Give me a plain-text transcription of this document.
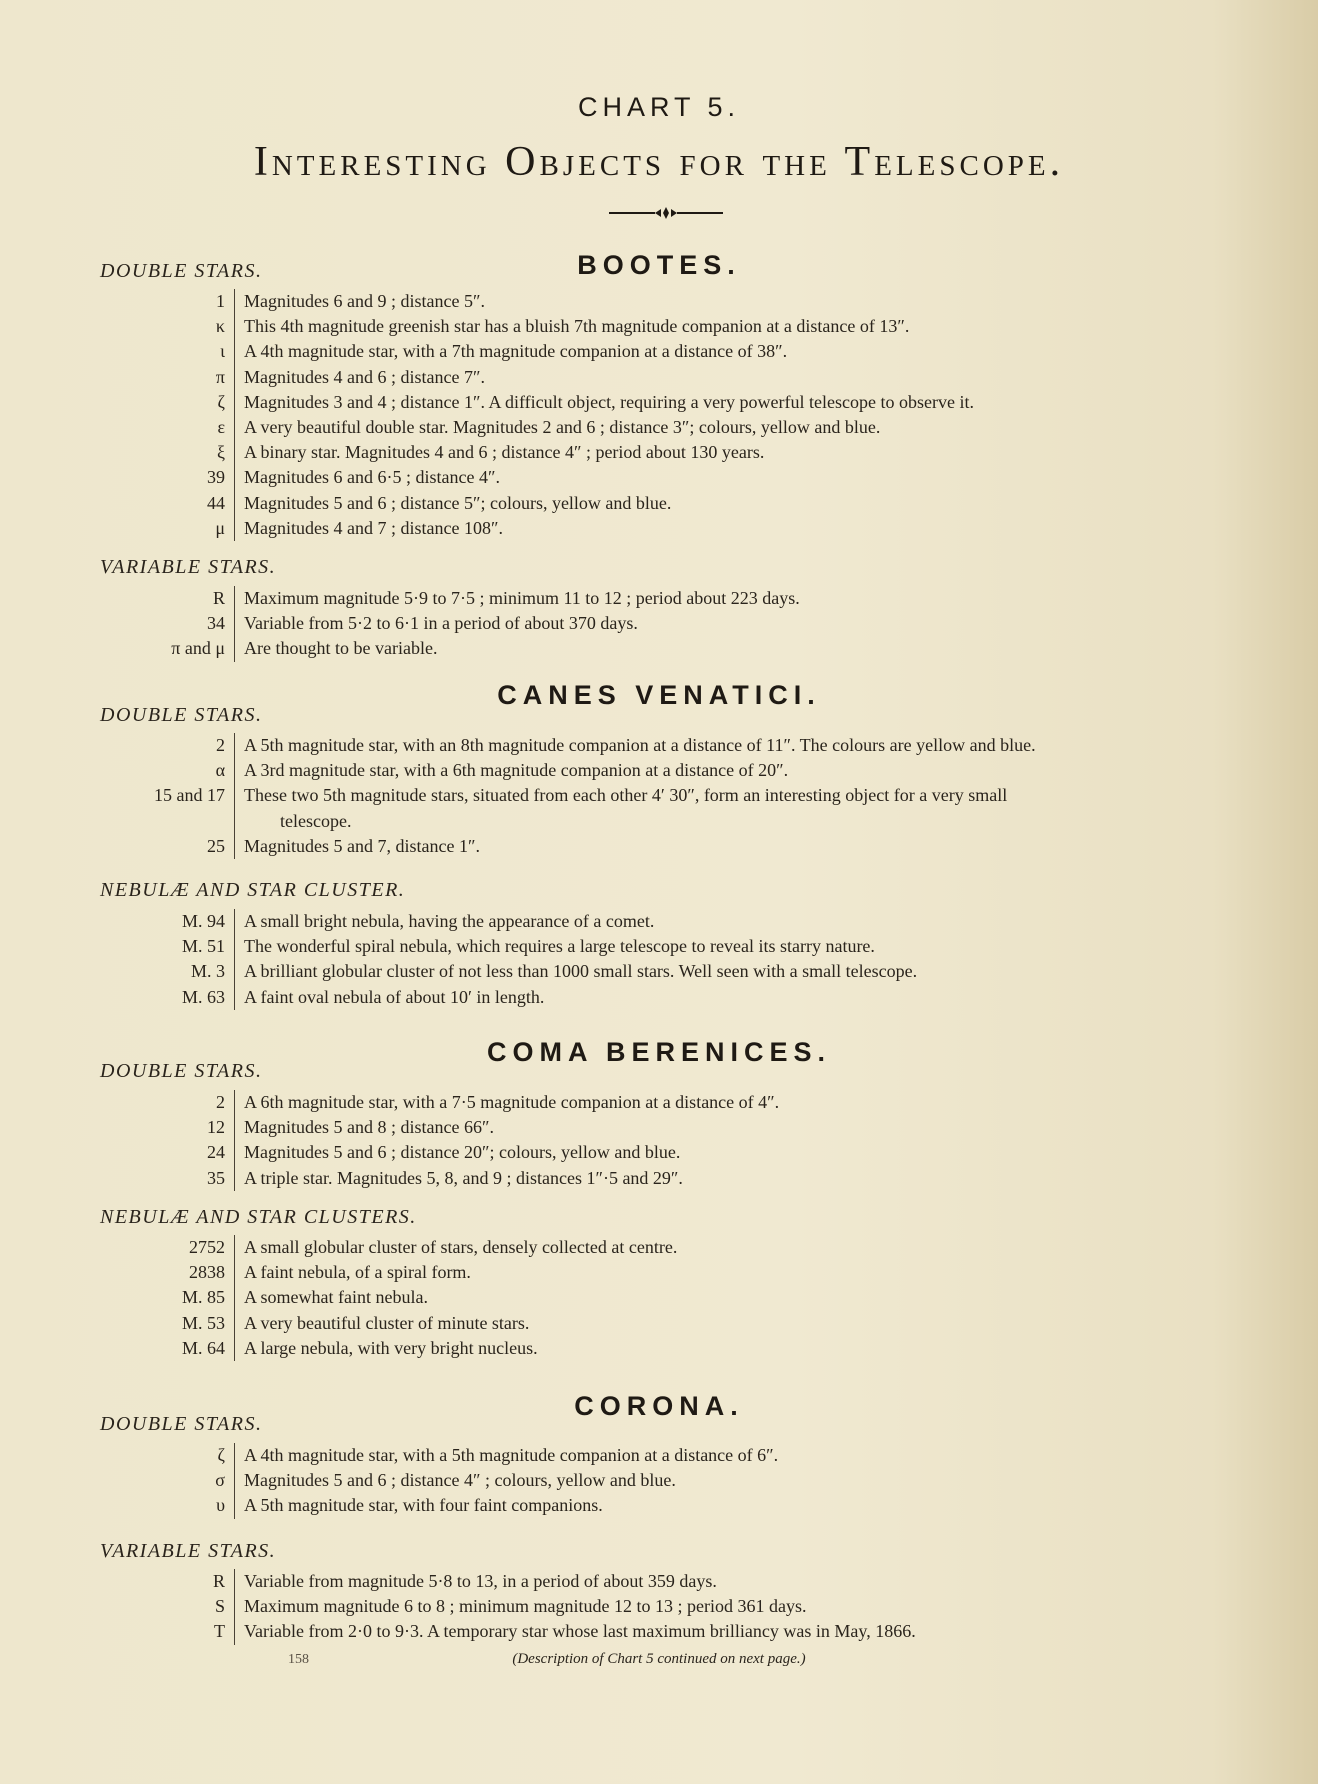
CHART 5.
Interesting Objects for the Telescope.
BOOTES.
DOUBLE STARS.
1	Magnitudes 6 and 9 ; distance 5″.
κ	This 4th magnitude greenish star has a bluish 7th magnitude companion at a distance of 13″.
ι	A 4th magnitude star, with a 7th magnitude companion at a distance of 38″.
π	Magnitudes 4 and 6 ; distance 7″.
ζ	Magnitudes 3 and 4 ; distance 1″. A difficult object, requiring a very powerful telescope to observe it.
ε	A very beautiful double star. Magnitudes 2 and 6 ; distance 3″; colours, yellow and blue.
ξ	A binary star. Magnitudes 4 and 6 ; distance 4″ ; period about 130 years.
39	Magnitudes 6 and 6·5 ; distance 4″.
44	Magnitudes 5 and 6 ; distance 5″; colours, yellow and blue.
μ	Magnitudes 4 and 7 ; distance 108″.
VARIABLE STARS.
R	Maximum magnitude 5·9 to 7·5 ; minimum 11 to 12 ; period about 223 days.
34	Variable from 5·2 to 6·1 in a period of about 370 days.
π and μ	Are thought to be variable.
CANES VENATICI.
DOUBLE STARS.
2	A 5th magnitude star, with an 8th magnitude companion at a distance of 11″. The colours are yellow and blue.
α	A 3rd magnitude star, with a 6th magnitude companion at a distance of 20″.
15 and 17	These two 5th magnitude stars, situated from each other 4′ 30″, form an interesting object for a very small
telescope.
25	Magnitudes 5 and 7, distance 1″.
NEBULÆ AND STAR CLUSTER.
M. 94	A small bright nebula, having the appearance of a comet.
M. 51	The wonderful spiral nebula, which requires a large telescope to reveal its starry nature.
M. 3	A brilliant globular cluster of not less than 1000 small stars. Well seen with a small telescope.
M. 63	A faint oval nebula of about 10′ in length.
COMA BERENICES.
DOUBLE STARS.
2	A 6th magnitude star, with a 7·5 magnitude companion at a distance of 4″.
12	Magnitudes 5 and 8 ; distance 66″.
24	Magnitudes 5 and 6 ; distance 20″; colours, yellow and blue.
35	A triple star. Magnitudes 5, 8, and 9 ; distances 1″·5 and 29″.
NEBULÆ AND STAR CLUSTERS.
2752	A small globular cluster of stars, densely collected at centre.
2838	A faint nebula, of a spiral form.
M. 85	A somewhat faint nebula.
M. 53	A very beautiful cluster of minute stars.
M. 64	A large nebula, with very bright nucleus.
CORONA.
DOUBLE STARS.
ζ	A 4th magnitude star, with a 5th magnitude companion at a distance of 6″.
σ	Magnitudes 5 and 6 ; distance 4″ ; colours, yellow and blue.
υ	A 5th magnitude star, with four faint companions.
VARIABLE STARS.
R	Variable from magnitude 5·8 to 13, in a period of about 359 days.
S	Maximum magnitude 6 to 8 ; minimum magnitude 12 to 13 ; period 361 days.
T	Variable from 2·0 to 9·3. A temporary star whose last maximum brilliancy was in May, 1866.
158	(Description of Chart 5 continued on next page.)
